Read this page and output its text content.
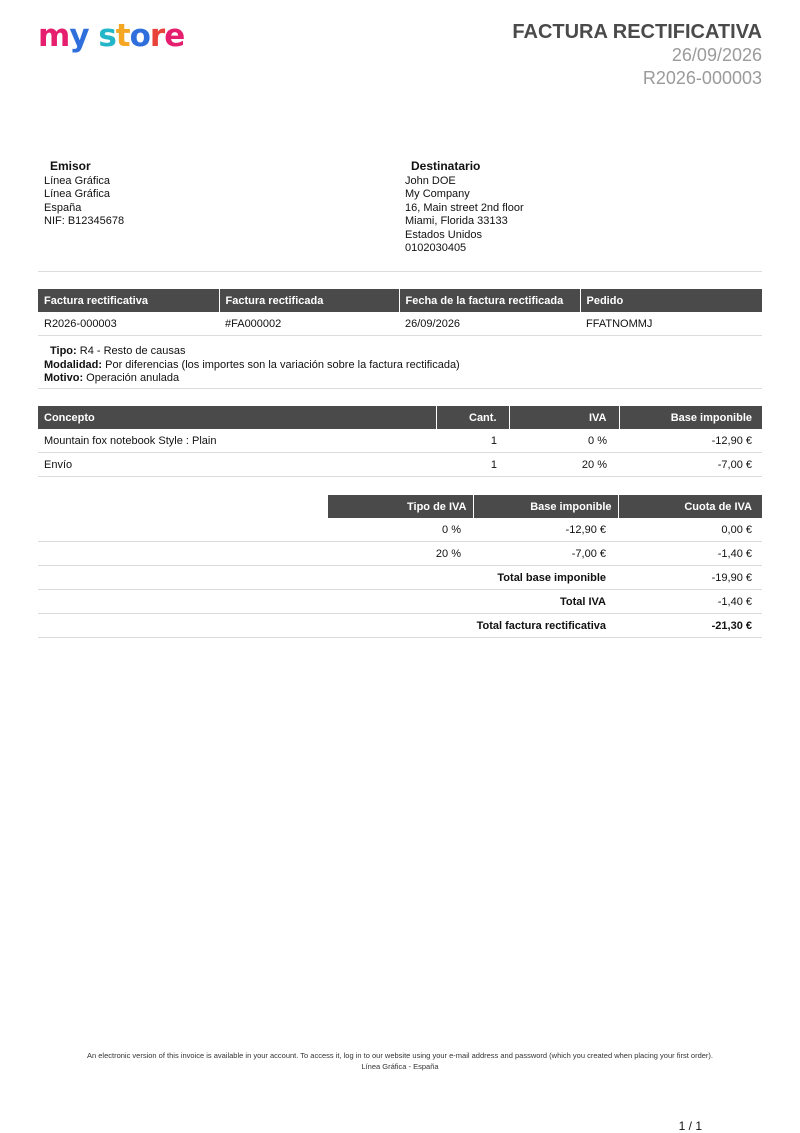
my store	FACTURA RECTIFICATIVA
26/09/2026
R2026-000003
Emisor
Línea Gráfica
Línea Gráfica
España
NIF: B12345678
Destinatario
John DOE
My Company
16, Main street 2nd floor
Miami, Florida 33133
Estados Unidos
0102030405
Factura rectificativa	Factura rectificada	Fecha de la factura rectificada	Pedido
R2026-000003	#FA000002	26/09/2026	FFATNOMMJ
Tipo: R4 - Resto de causas
Modalidad: Por diferencias (los importes son la variación sobre la factura rectificada)
Motivo: Operación anulada
Concepto	Cant.	IVA	Base imponible
Mountain fox notebook Style : Plain	1	0 %	-12,90 €
Envío	1	20 %	-7,00 €
	Tipo de IVA	Base imponible	Cuota de IVA
	0 %	-12,90 €	0,00 €
	20 %	-7,00 €	-1,40 €
Total base imponible			-19,90 €
Total IVA			-1,40 €
Total factura rectificativa			-21,30 €
An electronic version of this invoice is available in your account. To access it, log in to our website using your e-mail address and password (which you created when placing your first order).
Línea Gráfica - España
1 / 1
